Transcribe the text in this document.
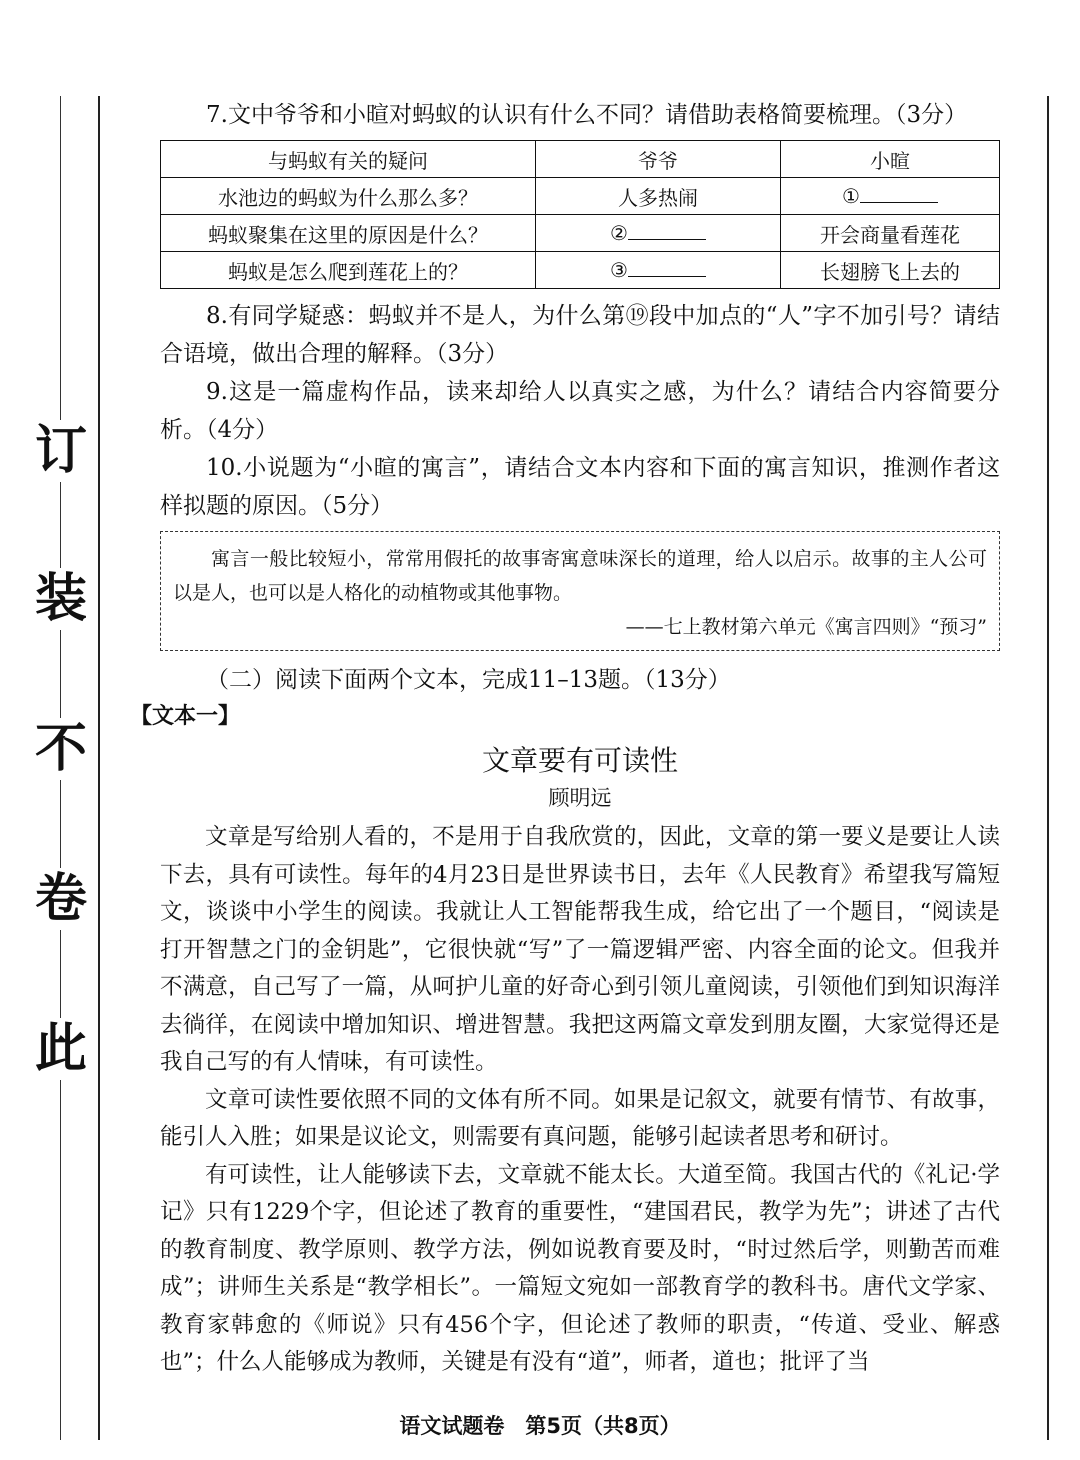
订
装
不
卷
此

7.文中爷爷和小暄对蚂蚁的认识有什么不同？请借助表格简要梳理。（3分）

与蚂蚁有关的疑问	爷爷	小暄
水池边的蚂蚁为什么那么多？	人多热闹	①
蚂蚁聚集在这里的原因是什么？	②	开会商量看莲花
蚂蚁是怎么爬到莲花上的？	③	长翅膀飞上去的

8.有同学疑惑：蚂蚁并不是人，为什么第⑲段中加点的“人”字不加引号？请结合语境，做出合理的解释。（3分）

9.这是一篇虚构作品，读来却给人以真实之感，为什么？请结合内容简要分析。（4分）

10.小说题为“小暄的寓言”，请结合文本内容和下面的寓言知识，推测作者这样拟题的原因。（5分）

寓言一般比较短小，常常用假托的故事寄寓意味深长的道理，给人以启示。故事的主人公可以是人，也可以是人格化的动植物或其他事物。

——七上教材第六单元《寓言四则》“预习”

（二）阅读下面两个文本，完成11–13题。（13分）

【文本一】

文章要有可读性

顾明远

文章是写给别人看的，不是用于自我欣赏的，因此，文章的第一要义是要让人读下去，具有可读性。每年的4月23日是世界读书日，去年《人民教育》希望我写篇短文，谈谈中小学生的阅读。我就让人工智能帮我生成，给它出了一个题目，“阅读是打开智慧之门的金钥匙”，它很快就“写”了一篇逻辑严密、内容全面的论文。但我并不满意，自己写了一篇，从呵护儿童的好奇心到引领儿童阅读，引领他们到知识海洋去徜徉，在阅读中增加知识、增进智慧。我把这两篇文章发到朋友圈，大家觉得还是我自己写的有人情味，有可读性。

文章可读性要依照不同的文体有所不同。如果是记叙文，就要有情节、有故事，能引人入胜；如果是议论文，则需要有真问题，能够引起读者思考和研讨。

有可读性，让人能够读下去，文章就不能太长。大道至简。我国古代的《礼记·学记》只有1229个字，但论述了教育的重要性，“建国君民，教学为先”；讲述了古代的教育制度、教学原则、教学方法，例如说教育要及时，“时过然后学，则勤苦而难成”；讲师生关系是“教学相长”。一篇短文宛如一部教育学的教科书。唐代文学家、教育家韩愈的《师说》只有456个字，但论述了教师的职责，“传道、受业、解惑也”；什么人能够成为教师，关键是有没有“道”，师者，道也；批评了当

语文试题卷　第5页（共8页）
